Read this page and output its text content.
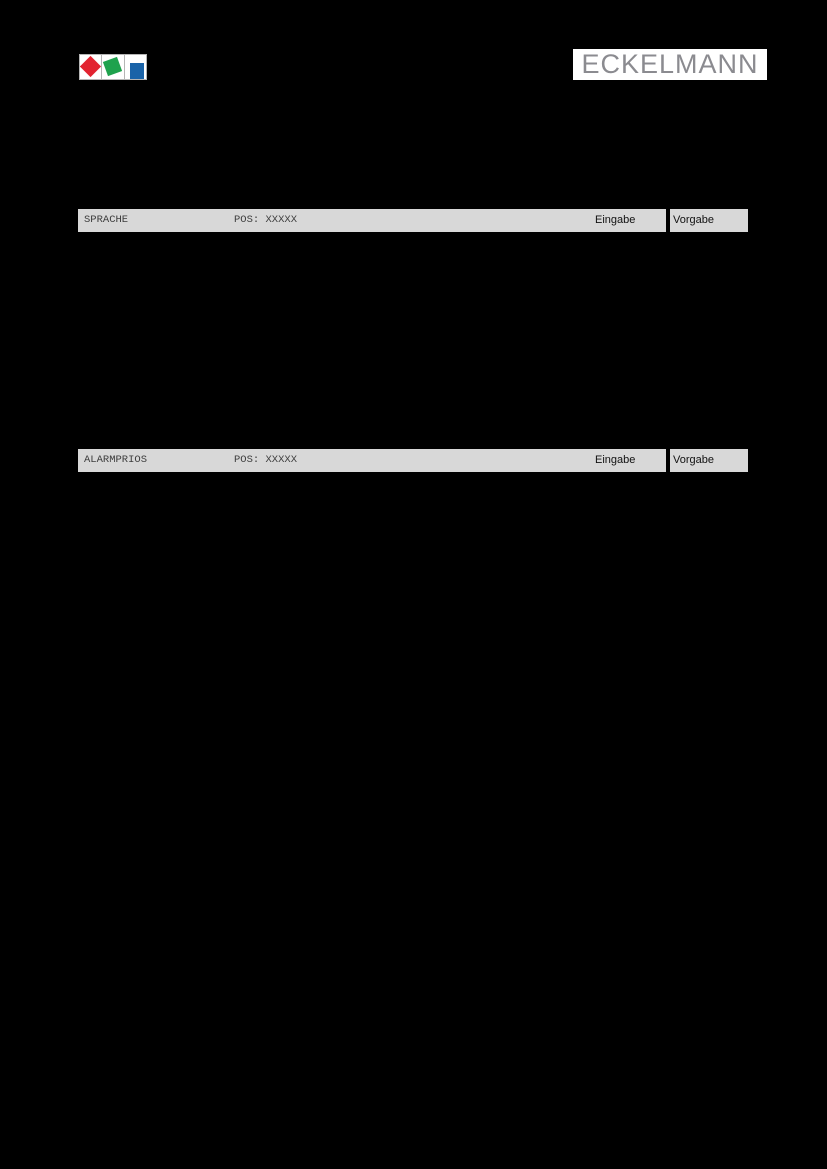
ECKELMANN
SPRACHE	POS: XXXXX	Eingabe	Vorgabe
ALARMPRIOS	POS: XXXXX	Eingabe	Vorgabe
